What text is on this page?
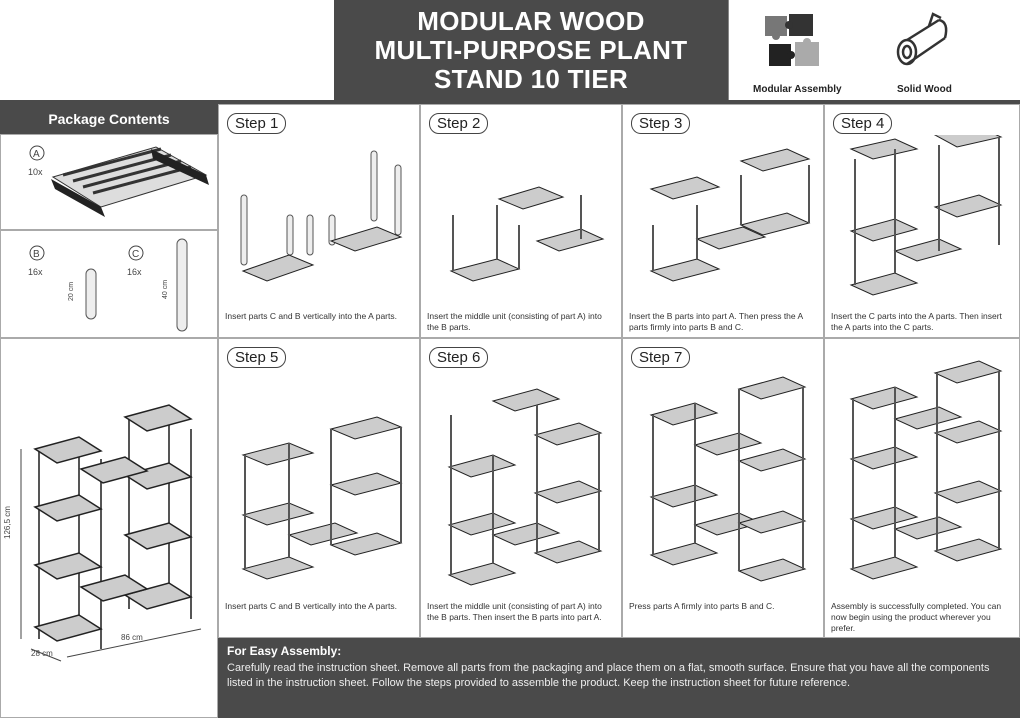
MODULAR WOOD
MULTI-PURPOSE PLANT
STAND 10 TIER	Modular Assembly	Solid Wood
Package Contents
A
10x
B
16x
20 cm
C
16x
40 cm
126,5 cm
28 cm
86 cm
Step 1
Insert parts C and B vertically into the A parts.
Step 2
Insert the middle unit (consisting of part A) into the B parts.
Step 3
Insert the B parts into part A. Then press the A parts firmly into parts B and C.
Step 4
Insert the C parts into the A parts. Then insert the A parts into the C parts.
Step 5
Insert parts C and B vertically into the A parts.
Step 6
Insert the middle unit (consisting of part A) into the B parts. Then insert the B parts into part A.
Step 7
Press parts A firmly into parts B and C.	Assembly is successfully completed. You can now begin using the product wherever you prefer.
For Easy Assembly:

Carefully read the instruction sheet. Remove all parts from the packaging and place them on a flat, smooth surface. Ensure that you have all the components listed in the instruction sheet. Follow the steps provided to assemble the product. Keep the instruction sheet for future reference.
